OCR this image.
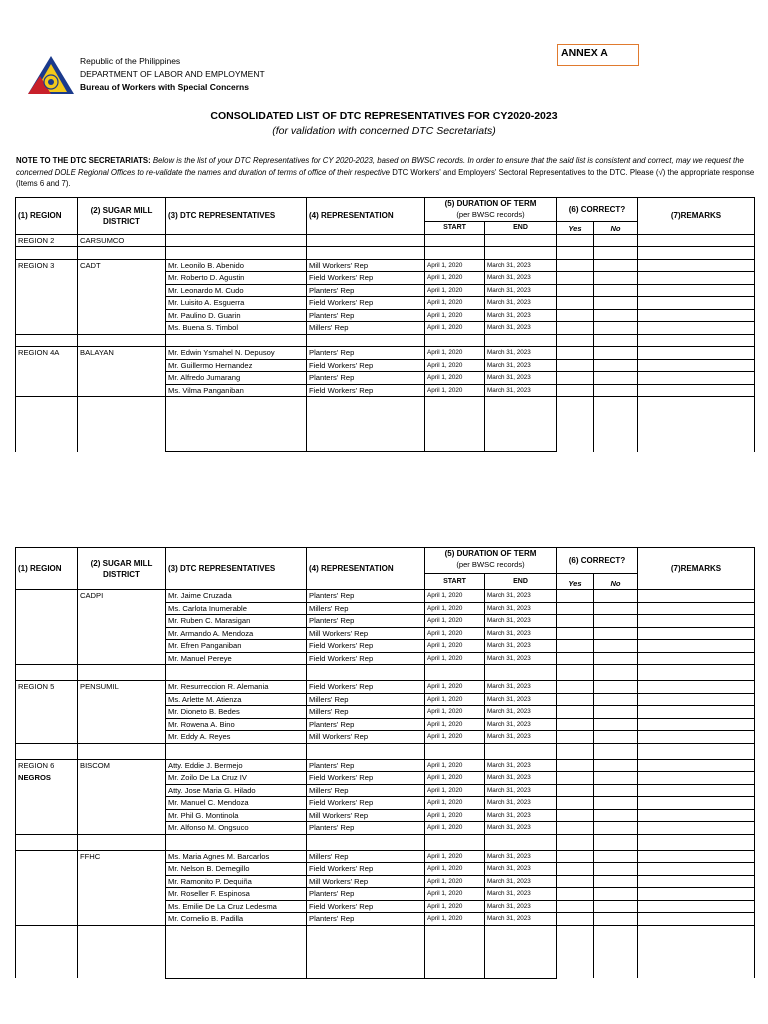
Republic of the Philippines
DEPARTMENT OF LABOR AND EMPLOYMENT
Bureau of Workers with Special Concerns
ANNEX A
CONSOLIDATED LIST OF DTC REPRESENTATIVES FOR CY2020-2023
(for validation with concerned DTC Secretariats)
NOTE TO THE DTC SECRETARIATS: Below is the list of your DTC Representatives for CY 2020-2023, based on BWSC records. In order to ensure that the said list is consistent and correct, may we request the concerned DOLE Regional Offices to re-validate the names and duration of terms of office of their respective DTC Workers' and Employers' Sectoral Representatives to the DTC. Please (√) the appropriate response (Items 6 and 7).
(1) REGION	(2) SUGAR MILL DISTRICT	(3) DTC REPRESENTATIVES	(4) REPRESENTATION	(5) DURATION OF TERM
(per BWSC records)		(6) CORRECT?		(7)REMARKS
				START	END	Yes	No	
REGION 2	CARSUMCO							

REGION 3	CADT	Mr. Leonilo B. Abenido	Mill Workers' Rep	April 1, 2020	March 31, 2023			
		Mr. Roberto D. Agustin	Field Workers' Rep	April 1, 2020	March 31, 2023			
		Mr. Leonardo M. Cudo	Planters' Rep	April 1, 2020	March 31, 2023			
		Mr. Luisito A. Esguerra	Field Workers' Rep	April 1, 2020	March 31, 2023			
		Mr. Paulino D. Guarin	Planters' Rep	April 1, 2020	March 31, 2023			
		Ms. Buena S. Timbol	Millers' Rep	April 1, 2020	March 31, 2023			

REGION 4A	BALAYAN	Mr. Edwin Ysmahel N. Depusoy	Planters' Rep	April 1, 2020	March 31, 2023			
		Mr. Guillermo Hernandez	Field Workers' Rep	April 1, 2020	March 31, 2023			
		Mr. Alfredo Jumarang	Planters' Rep	April 1, 2020	March 31, 2023			
		Ms. Vilma Panganiban	Field Workers' Rep	April 1, 2020	March 31, 2023			

(1) REGION	(2) SUGAR MILL DISTRICT	(3) DTC REPRESENTATIVES	(4) REPRESENTATION	(5) DURATION OF TERM
(per BWSC records)		(6) CORRECT?		(7)REMARKS
				START	END	Yes	No	
	CADPI	Mr. Jaime Cruzada	Planters' Rep	April 1, 2020	March 31, 2023			
		Ms. Carlota Inumerable	Millers' Rep	April 1, 2020	March 31, 2023			
		Mr. Ruben C. Marasigan	Planters' Rep	April 1, 2020	March 31, 2023			
		Mr. Armando A. Mendoza	Mill Workers' Rep	April 1, 2020	March 31, 2023			
		Mr. Efren Panganiban	Field Workers' Rep	April 1, 2020	March 31, 2023			
		Mr. Manuel Pereye	Field Workers' Rep	April 1, 2020	March 31, 2023			

REGION 5	PENSUMIL	Mr. Resurreccion R. Alemania	Field Workers' Rep	April 1, 2020	March 31, 2023			
		Ms. Arlette M. Atienza	Millers' Rep	April 1, 2020	March 31, 2023			
		Mr. Dioneto B. Bedes	Millers' Rep	April 1, 2020	March 31, 2023			
		Mr. Rowena A. Bino	Planters' Rep	April 1, 2020	March 31, 2023			
		Mr. Eddy A. Reyes	Mill Workers' Rep	April 1, 2020	March 31, 2023			

REGION 6	BISCOM	Atty. Eddie J. Bermejo	Planters' Rep	April 1, 2020	March 31, 2023			
NEGROS		Mr. Zoilo De La Cruz IV	Field Workers' Rep	April 1, 2020	March 31, 2023			
		Atty. Jose Maria G. Hilado	Millers' Rep	April 1, 2020	March 31, 2023			
		Mr. Manuel C. Mendoza	Field Workers' Rep	April 1, 2020	March 31, 2023			
		Mr. Phil G. Montinola	Mill Workers' Rep	April 1, 2020	March 31, 2023			
		Mr. Alfonso M. Ongsuco	Planters' Rep	April 1, 2020	March 31, 2023			

	FFHC	Ms. Maria Agnes M. Barcarlos	Millers' Rep	April 1, 2020	March 31, 2023			
		Mr. Nelson B. Demegillo	Field Workers' Rep	April 1, 2020	March 31, 2023			
		Mr. Ramonito P. Dequiña	Mill Workers' Rep	April 1, 2020	March 31, 2023			
		Mr. Roseller F. Espinosa	Planters' Rep	April 1, 2020	March 31, 2023			
		Ms. Emilie De La Cruz Ledesma	Field Workers' Rep	April 1, 2020	March 31, 2023			
		Mr. Cornelio B. Padilla	Planters' Rep	April 1, 2020	March 31, 2023			
